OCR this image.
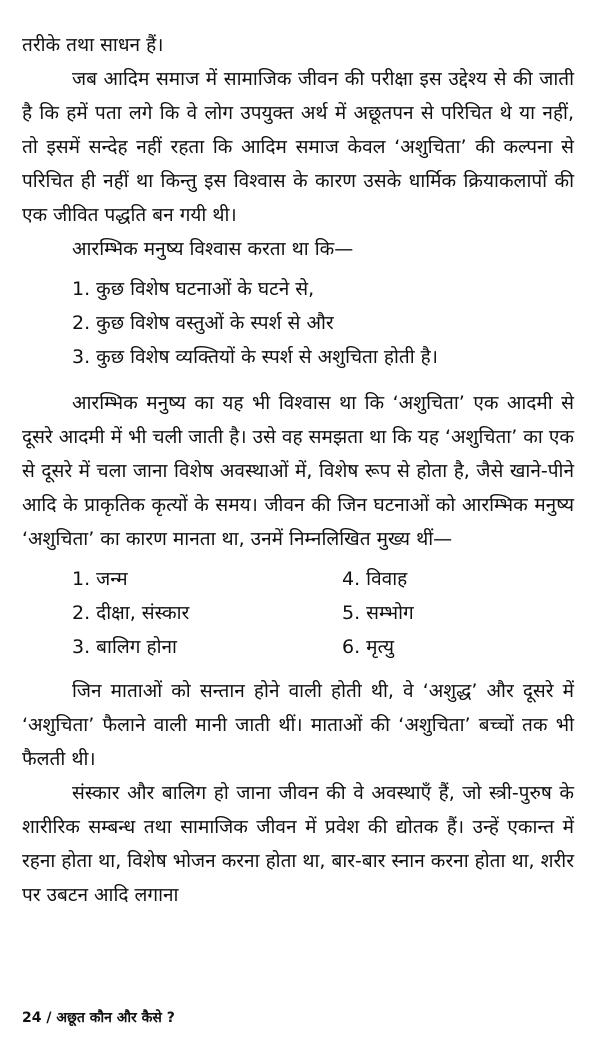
तरीके तथा साधन हैं।

जब आदिम समाज में सामाजिक जीवन की परीक्षा इस उद्देश्य से की जाती है कि हमें पता लगे कि वे लोग उपयुक्त अर्थ में अछूतपन से परिचित थे या नहीं, तो इसमें सन्देह नहीं रहता कि आदिम समाज केवल ‘अशुचिता’ की कल्पना से परिचित ही नहीं था किन्तु इस विश्वास के कारण उसके धार्मिक क्रियाकलापों की एक जीवित पद्धति बन गयी थी।

आरम्भिक मनुष्य विश्वास करता था कि—

1. कुछ विशेष घटनाओं के घटने से,
2. कुछ विशेष वस्तुओं के स्पर्श से और
3. कुछ विशेष व्यक्तियों के स्पर्श से अशुचिता होती है।

आरम्भिक मनुष्य का यह भी विश्वास था कि ‘अशुचिता’ एक आदमी से दूसरे आदमी में भी चली जाती है। उसे वह समझता था कि यह ‘अशुचिता’ का एक से दूसरे में चला जाना विशेष अवस्थाओं में, विशेष रूप से होता है, जैसे खाने-पीने आदि के प्राकृतिक कृत्यों के समय। जीवन की जिन घटनाओं को आरम्भिक मनुष्य ‘अशुचिता’ का कारण मानता था, उनमें निम्नलिखित मुख्य थीं—

1. जन्म	4. विवाह
2. दीक्षा, संस्कार	5. सम्भोग
3. बालिग होना	6. मृत्यु

जिन माताओं को सन्तान होने वाली होती थी, वे ‘अशुद्ध’ और दूसरे में ‘अशुचिता’ फैलाने वाली मानी जाती थीं। माताओं की ‘अशुचिता’ बच्चों तक भी फैलती थी।

संस्कार और बालिग हो जाना जीवन की वे अवस्थाएँ हैं, जो स्त्री-पुरुष के शारीरिक सम्बन्ध तथा सामाजिक जीवन में प्रवेश की द्योतक हैं। उन्हें एकान्त में रहना होता था, विशेष भोजन करना होता था, बार-बार स्नान करना होता था, शरीर पर उबटन आदि लगाना

24 / अछूत कौन और कैसे ?
